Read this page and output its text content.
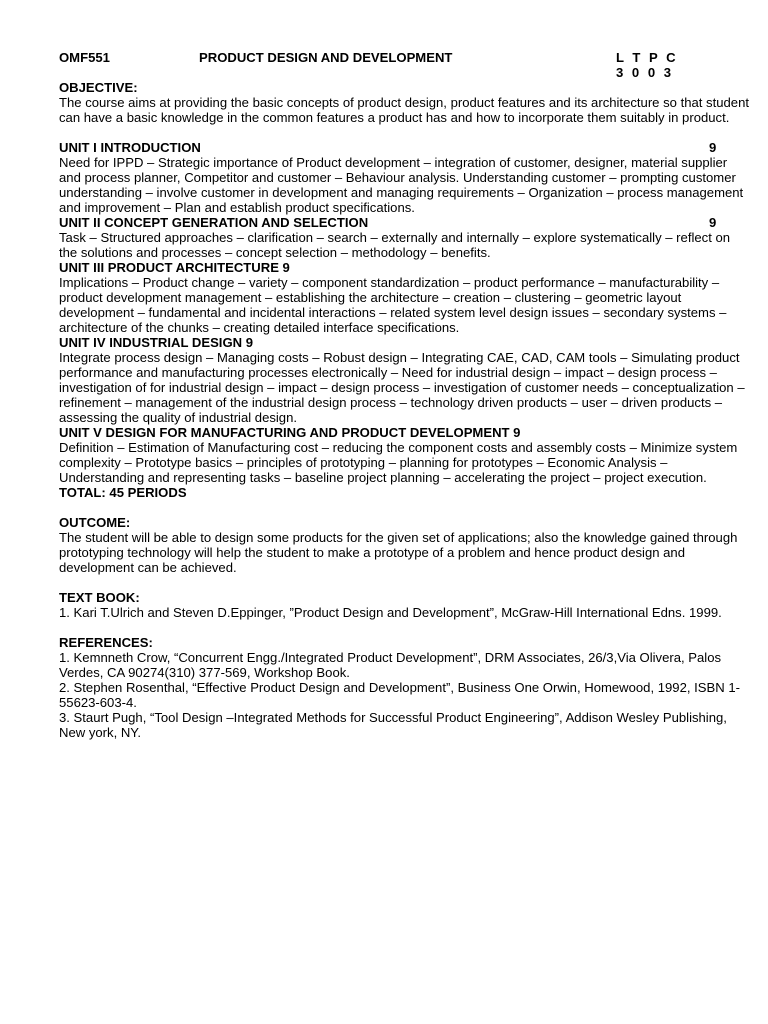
OMF551	PRODUCT DESIGN AND DEVELOPMENT	L T P C
3 0 0 3

OBJECTIVE:

The course aims at providing the basic concepts of product design, product features and its architecture so that student can have a basic knowledge in the common features a product has and how to incorporate them suitably in product.

UNIT I INTRODUCTION	9

Need for IPPD – Strategic importance of Product development – integration of customer, designer, material supplier and process planner, Competitor and customer – Behaviour analysis. Understanding customer – prompting customer understanding – involve customer in development and managing requirements – Organization – process management and improvement – Plan and establish product specifications.

UNIT II CONCEPT GENERATION AND SELECTION	9

Task – Structured approaches – clarification – search – externally and internally – explore systematically – reflect on the solutions and processes – concept selection – methodology – benefits.

UNIT III PRODUCT ARCHITECTURE 9

Implications – Product change – variety – component standardization – product performance – manufacturability – product development management – establishing the architecture – creation – clustering – geometric layout development – fundamental and incidental interactions – related system level design issues – secondary systems – architecture of the chunks – creating detailed interface specifications.

UNIT IV INDUSTRIAL DESIGN 9

Integrate process design – Managing costs – Robust design – Integrating CAE, CAD, CAM tools – Simulating product performance and manufacturing processes electronically – Need for industrial design – impact – design process – investigation of for industrial design – impact – design process – investigation of customer needs – conceptualization – refinement – management of the industrial design process – technology driven products – user – driven products – assessing the quality of industrial design.

UNIT V DESIGN FOR MANUFACTURING AND PRODUCT DEVELOPMENT 9

Definition – Estimation of Manufacturing cost – reducing the component costs and assembly costs – Minimize system complexity – Prototype basics – principles of prototyping – planning for prototypes – Economic Analysis – Understanding and representing tasks – baseline project planning – accelerating the project – project execution.

TOTAL: 45 PERIODS

OUTCOME:

The student will be able to design some products for the given set of applications; also the knowledge gained through prototyping technology will help the student to make a prototype of a problem and hence product design and development can be achieved.

TEXT BOOK:

1. Kari T.Ulrich and Steven D.Eppinger, ”Product Design and Development”, McGraw-Hill International Edns. 1999.

REFERENCES:

1. Kemnneth Crow, “Concurrent Engg./Integrated Product Development”, DRM Associates, 26/3,Via Olivera, Palos Verdes, CA 90274(310) 377-569, Workshop Book.

2. Stephen Rosenthal, “Effective Product Design and Development”, Business One Orwin, Homewood, 1992, ISBN 1-55623-603-4.

3. Staurt Pugh, “Tool Design –Integrated Methods for Successful Product Engineering”, Addison Wesley Publishing, New york, NY.
